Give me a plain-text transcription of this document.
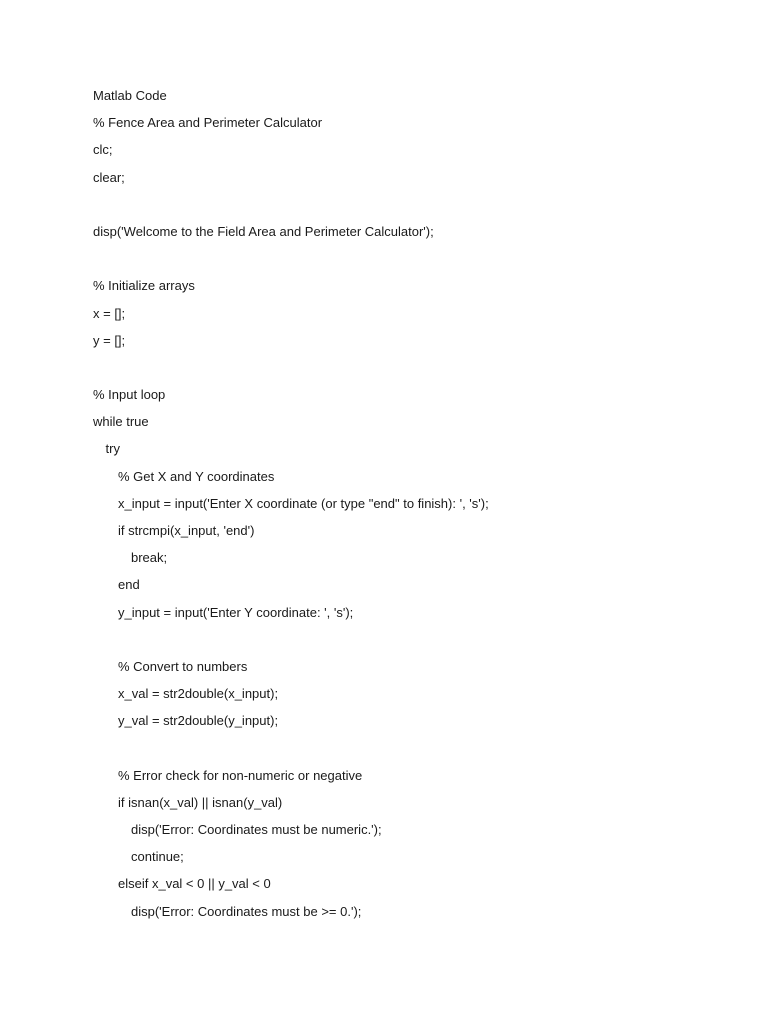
Matlab Code
% Fence Area and Perimeter Calculator
clc;
clear;
disp('Welcome to the Field Area and Perimeter Calculator');
% Initialize arrays
x = [];
y = [];
% Input loop
while true
try
% Get X and Y coordinates
x_input = input('Enter X coordinate (or type "end" to finish): ', 's');
if strcmpi(x_input, 'end')
break;
end
y_input = input('Enter Y coordinate: ', 's');
% Convert to numbers
x_val = str2double(x_input);
y_val = str2double(y_input);
% Error check for non-numeric or negative
if isnan(x_val) || isnan(y_val)
disp('Error: Coordinates must be numeric.');
continue;
elseif x_val < 0 || y_val < 0
disp('Error: Coordinates must be >= 0.');
